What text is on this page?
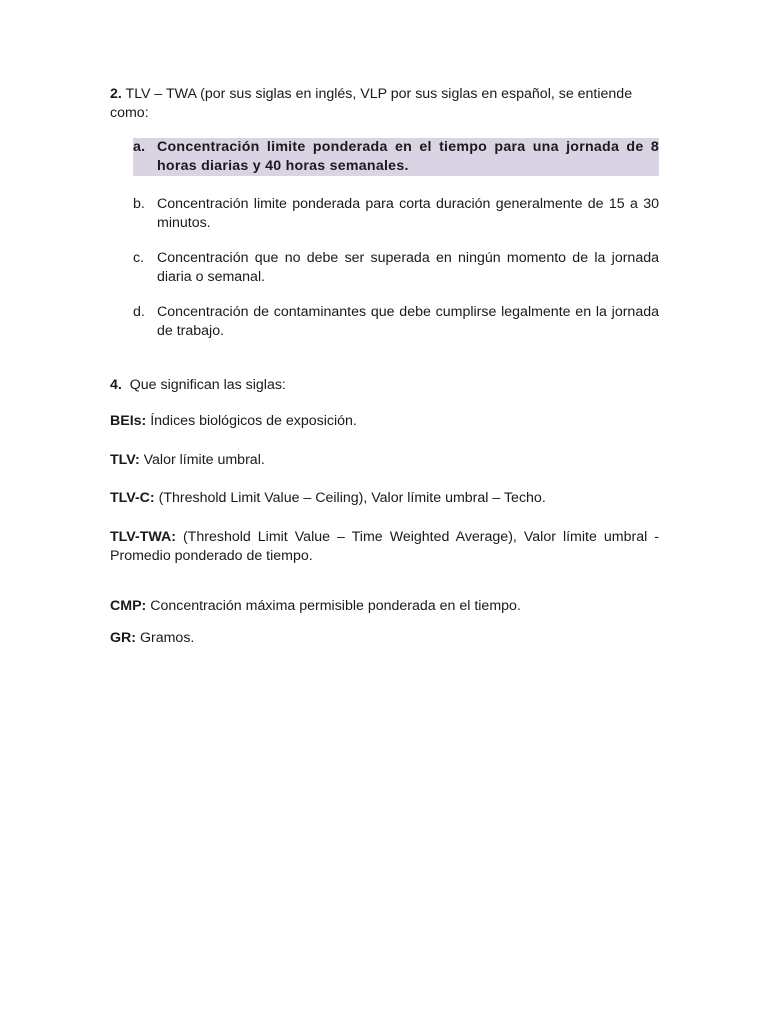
2. TLV – TWA (por sus siglas en inglés, VLP por sus siglas en español, se entiende como:
a. Concentración limite ponderada en el tiempo para una jornada de 8 horas diarias y 40 horas semanales.
b. Concentración limite ponderada para corta duración generalmente de 15 a 30 minutos.
c. Concentración que no debe ser superada en ningún momento de la jornada diaria o semanal.
d. Concentración de contaminantes que debe cumplirse legalmente en la jornada de trabajo.
4. Que significan las siglas:
BEIs: Índices biológicos de exposición.
TLV: Valor límite umbral.
TLV-C: (Threshold Limit Value – Ceiling), Valor límite umbral – Techo.
TLV-TWA: (Threshold Limit Value – Time Weighted Average), Valor límite umbral - Promedio ponderado de tiempo.
CMP: Concentración máxima permisible ponderada en el tiempo.
GR: Gramos.
